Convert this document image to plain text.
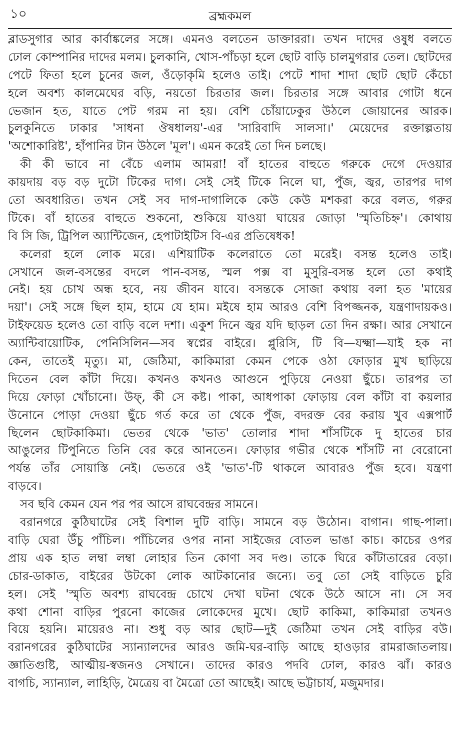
১০	ব্রহ্মকমল
ব্লাডসুগার আর কার্বাঙ্কলের সঙ্গে। এমনও বলতেন ডাক্তাররা। তখন দাদের ওষুধ বলতে
ঢোল কোম্পানির দাদের মলম। চুলকানি, খোস-পাঁচড়া হলে ছোট বাড়ি চালমুগরার তেল। ছোটদের
পেটে ফিতা হলে চুনের জল, ওঁড়োকৃমি হলেও তাই। পেটে শাদা শাদা ছোট ছোট কেঁচো
হলে অবশ্য কালমেঘের বড়ি, নয়তো চিরতার জল। চিরতার সঙ্গে আবার গোটা ধনে
ভেজান হত, যাতে পেট গরম না হয়। বেশি চোঁয়াঢেকুর উঠলে জোয়ানের আরক।
চুলকুনিতে ঢাকার 'সাধনা ঔষধালয়'-এর 'সারিবাদি সালসা।' মেয়েদের রক্তাল্পতায়
'অশোকারিষ্ট', হাঁপানির টান উঠলে 'মূল'। এমন করেই তো দিন চলছে।
কী কী ভাবে না বেঁচে এলাম আমরা! বাঁ হাতের বাহুতে গরুকে দেগে দেওয়ার
কায়দায় বড় বড় দুটো টিকের দাগ। সেই সেই টিকে নিলে ঘা, পুঁজ, জ্বর, তারপর দাগ
তো অবধারিত। তখন সেই সব দাগ-দাগালিকে কেউ কেউ মশকরা করে বলত, গরুর
টিকে। বাঁ হাতের বাহুতে শুকনো, শুকিয়ে যাওয়া ঘায়ের জোড়া 'স্মৃতিচিহ্ন'। কোথায়
বি সি জি, ট্রিপিল অ্যান্টিজেন, হেপাটাইটিস বি-এর প্রতিষেধক!
কলেরা হলে লোক মরে। এশিয়াটিক কলেরাতে তো মরেই। বসন্ত হলেও তাই।
সেখানে জল-বসন্তের বদলে পান-বসন্ত, স্মল পক্স বা মুসুরি-বসন্ত হলে তো কথাই
নেই। হয় চোখ অন্ধ হবে, নয় জীবন যাবে। বসন্তকে সোজা কথায় বলা হত 'মায়ের
দয়া'। সেই সঙ্গে ছিল হাম, হামে যে হাম। মইষে হাম আরও বেশি বিপজ্জনক, যন্ত্রণাদায়কও।
টাইফয়েড হলেও তো বাড়ি বলে দশা। একুশ দিনে জ্বর যদি ছাড়ল তো দিন রক্ষা। আর সেখানে
অ্যান্টিবায়োটিক, পেনিসিলিন—সব স্বপ্নের বাইরে। প্লুরিসি, টি বি—যক্ষ্মা—যাই হক না
কেন, তাতেই মৃত্যু। মা, জেঠিমা, কাকিমারা কেমন পেকে ওঠা ফোড়ার মুখ ছাড়িয়ে
দিতেন বেল কাঁটা দিয়ে। কখনও কখনও আগুনে পুড়িয়ে নেওয়া ছুঁচে। তারপর তা
দিয়ে ফোড়া খোঁচানো। উফ্, কী সে কষ্ট। পাকা, আধপাকা ফোড়ায় বেল কাঁটা বা কয়লার
উনোনে পোড়া দেওয়া ছুঁচে গর্ত করে তা থেকে পুঁজ, বদরক্ত বের করায় খুব এক্সপার্ট
ছিলেন ছোটকাকিমা। ভেতর থেকে 'ভাত' তোলার শাদা শাঁসটিকে দু হাতের চার
আঙুলের টিপুনিতে তিনি বের করে আনতেন। ফোড়ার গভীর থেকে শাঁসটি না বেরোনো
পর্যন্ত তাঁর সোয়াস্তি নেই। ভেতরে ওই 'ভাত'-টি থাকলে আবারও পুঁজ হবে। যন্ত্রণা
বাড়বে।
সব ছবি কেমন যেন পর পর আসে রাঘবেন্দ্রর সামনে।
বরানগরে কুঠিঘাটের সেই বিশাল দুটি বাড়ি। সামনে বড় উঠোন। বাগান। গাছ-পালা।
বাড়ি ঘেরা উঁচু পাঁচিল। পাঁচিলের ওপর নানা সাইজের বোতল ভাঙা কাচ। কাচের ওপর
প্রায় এক হাত লম্বা লম্বা লোহার তিন কোণা সব দণ্ড। তাকে ঘিরে কাঁটাতারের বেড়া।
চোর-ডাকাত, বাইরের উটকো লোক আটকানোর জন্যে। তবু তো সেই বাড়িতে চুরি
হল। সেই 'স্মৃতি অবশ্য রাঘবেন্দ্র চোখে দেখা ঘটনা থেকে উঠে আসে না। সে সব
কথা শোনা বাড়ির পুরনো কাজের লোকেদের মুখে। ছোট কাকিমা, কাকিমারা তখনও
বিয়ে হয়নি। মায়েরও না। শুধু বড় আর ছোট—দুই জেঠিমা তখন সেই বাড়ির বউ।
বরানগরের কুঠিঘাটের স্যান্যালদের আরও জমি-ঘর-বাড়ি আছে হাওড়ার রামরাজাতলায়।
জ্ঞাতিগুষ্টি, আত্মীয়-স্বজনও সেখানে। তাদের কারও পদবি ঢোল, কারও ঝাঁ। কারও
বাগচি, স্যান্যাল, লাহিড়ি, মৈত্রেয় বা মৈত্রো তো আছেই। আছে ভট্টাচার্য, মজুমদার।
